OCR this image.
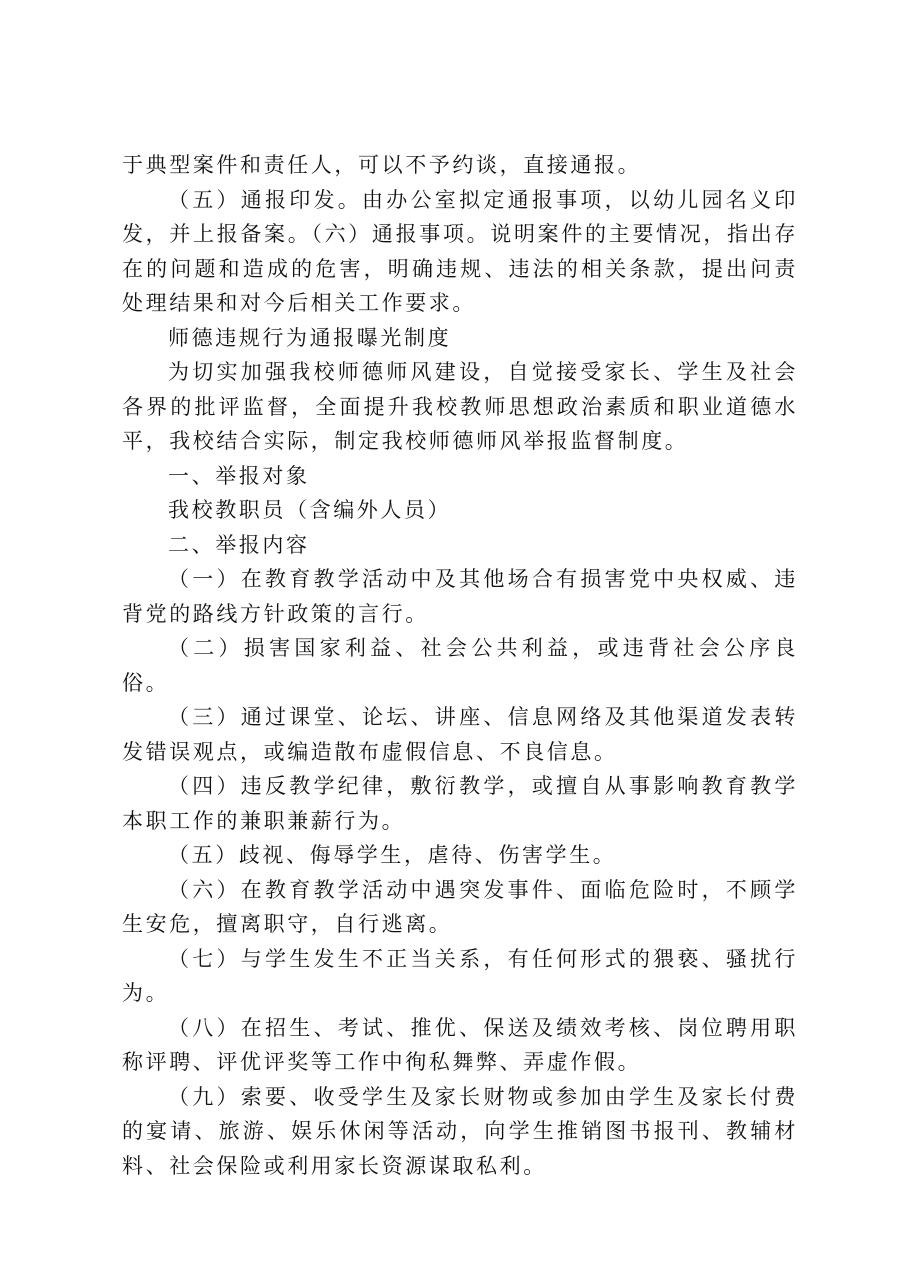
于典型案件和责任人，可以不予约谈，直接通报。

（五）通报印发。由办公室拟定通报事项，以幼儿园名义印发，并上报备案。（六）通报事项。说明案件的主要情况，指出存在的问题和造成的危害，明确违规、违法的相关条款，提出问责处理结果和对今后相关工作要求。

师德违规行为通报曝光制度

为切实加强我校师德师风建设，自觉接受家长、学生及社会各界的批评监督，全面提升我校教师思想政治素质和职业道德水平，我校结合实际，制定我校师德师风举报监督制度。

一、举报对象

我校教职员（含编外人员）

二、举报内容

（一）在教育教学活动中及其他场合有损害党中央权威、违背党的路线方针政策的言行。

（二）损害国家利益、社会公共利益，或违背社会公序良俗。

（三）通过课堂、论坛、讲座、信息网络及其他渠道发表转发错误观点，或编造散布虚假信息、不良信息。

（四）违反教学纪律，敷衍教学，或擅自从事影响教育教学本职工作的兼职兼薪行为。

（五）歧视、侮辱学生，虐待、伤害学生。

（六）在教育教学活动中遇突发事件、面临危险时，不顾学生安危，擅离职守，自行逃离。

（七）与学生发生不正当关系，有任何形式的猥亵、骚扰行为。

（八）在招生、考试、推优、保送及绩效考核、岗位聘用职称评聘、评优评奖等工作中徇私舞弊、弄虚作假。

（九）索要、收受学生及家长财物或参加由学生及家长付费的宴请、旅游、娱乐休闲等活动，向学生推销图书报刊、教辅材料、社会保险或利用家长资源谋取私利。
